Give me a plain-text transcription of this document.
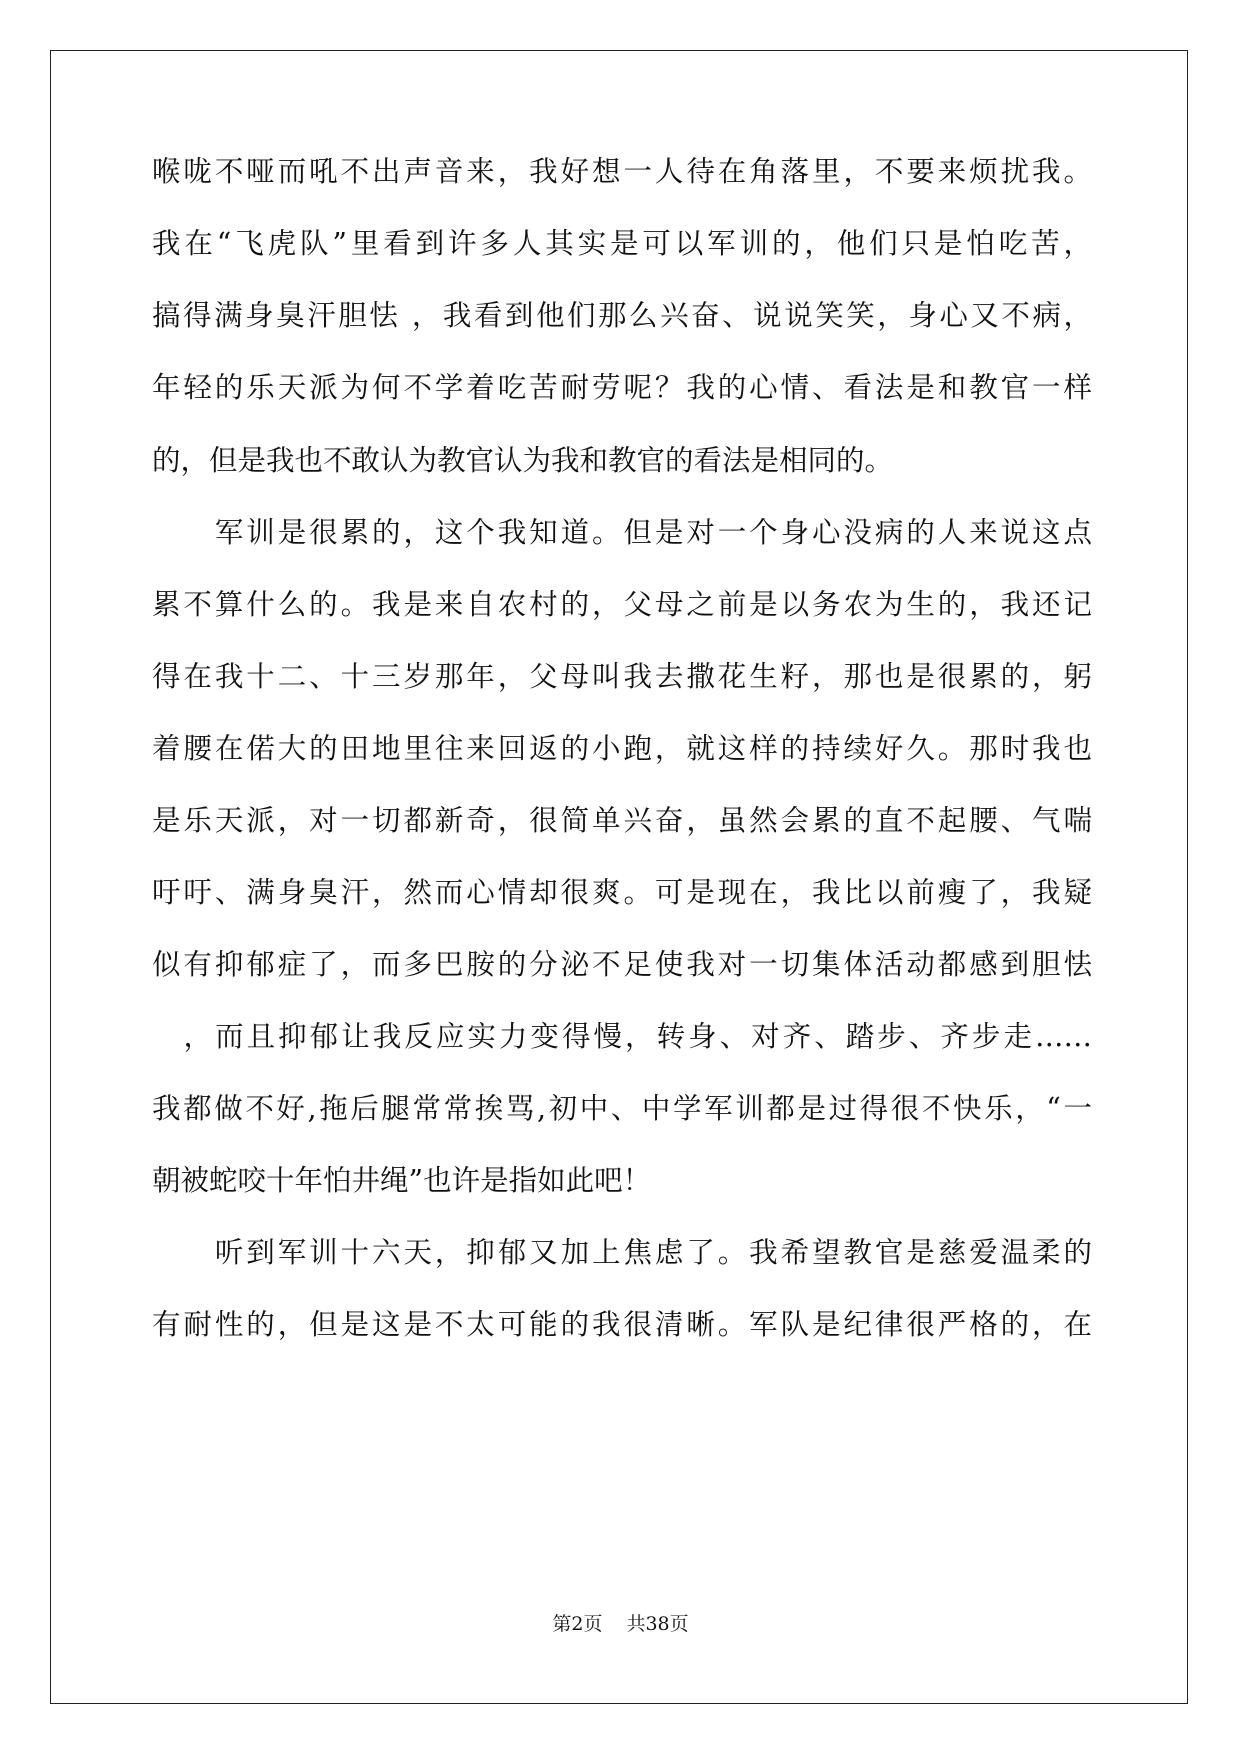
喉咙不哑而吼不出声音来，我好想一人待在角落里，不要来烦扰我。
我在“飞虎队”里看到许多人其实是可以军训的，他们只是怕吃苦，
搞得满身臭汗胆怯 ，我看到他们那么兴奋、说说笑笑，身心又不病，
年轻的乐天派为何不学着吃苦耐劳呢？我的心情、看法是和教官一样
的，但是我也不敢认为教官认为我和教官的看法是相同的。
　　军训是很累的，这个我知道。但是对一个身心没病的人来说这点
累不算什么的。我是来自农村的，父母之前是以务农为生的，我还记
得在我十二、十三岁那年，父母叫我去撒花生籽，那也是很累的，躬
着腰在偌大的田地里往来回返的小跑，就这样的持续好久。那时我也
是乐天派，对一切都新奇，很简单兴奋，虽然会累的直不起腰、气喘
吁吁、满身臭汗，然而心情却很爽。可是现在，我比以前瘦了，我疑
似有抑郁症了，而多巴胺的分泌不足使我对一切集体活动都感到胆怯
　，而且抑郁让我反应实力变得慢，转身、对齐、踏步、齐步走……
我都做不好,拖后腿常常挨骂,初中、中学军训都是过得很不快乐，“一
朝被蛇咬十年怕井绳”也许是指如此吧！
　　听到军训十六天，抑郁又加上焦虑了。我希望教官是慈爱温柔的
有耐性的，但是这是不太可能的我很清晰。军队是纪律很严格的，在
第2页 共38页
